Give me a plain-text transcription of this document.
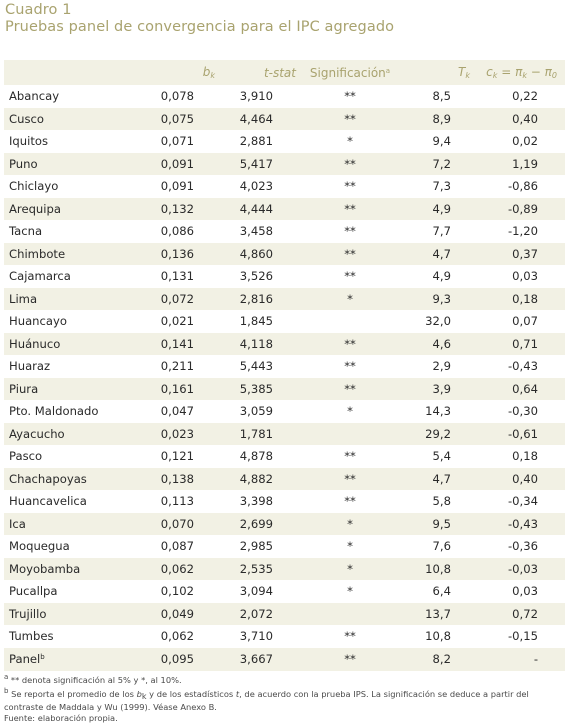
Cuadro 1
Pruebas panel de convergencia para el IPC agregado
	$b_k$	t-stat	Significación$^a$	$T_k$	$c_k = \pi_k - \pi_0$
Abancay	0,078	3,910	**	8,5	0,22
Cusco	0,075	4,464	**	8,9	0,40
Iquitos	0,071	2,881	*	9,4	0,02
Puno	0,091	5,417	**	7,2	1,19
Chiclayo	0,091	4,023	**	7,3	-0,86
Arequipa	0,132	4,444	**	4,9	-0,89
Tacna	0,086	3,458	**	7,7	-1,20
Chimbote	0,136	4,860	**	4,7	0,37
Cajamarca	0,131	3,526	**	4,9	0,03
Lima	0,072	2,816	*	9,3	0,18
Huancayo	0,021	1,845		32,0	0,07
Huánuco	0,141	4,118	**	4,6	0,71
Huaraz	0,211	5,443	**	2,9	-0,43
Piura	0,161	5,385	**	3,9	0,64
Pto. Maldonado	0,047	3,059	*	14,3	-0,30
Ayacucho	0,023	1,781		29,2	-0,61
Pasco	0,121	4,878	**	5,4	0,18
Chachapoyas	0,138	4,882	**	4,7	0,40
Huancavelica	0,113	3,398	**	5,8	-0,34
Ica	0,070	2,699	*	9,5	-0,43
Moquegua	0,087	2,985	*	7,6	-0,36
Moyobamba	0,062	2,535	*	10,8	-0,03
Pucallpa	0,102	3,094	*	6,4	0,03
Trujillo	0,049	2,072		13,7	0,72
Tumbes	0,062	3,710	**	10,8	-0,15
Panel$^b$	0,095	3,667	**	8,2	-
$^a$ ** denota significación al 5% y *, al 10%.
$^b$ Se reporta el promedio de los $b_k$ y de los estadísticos t, de acuerdo con la prueba IPS. La significación se deduce a partir del contraste de Maddala y Wu (1999). Véase Anexo B.
Fuente: elaboración propia.
